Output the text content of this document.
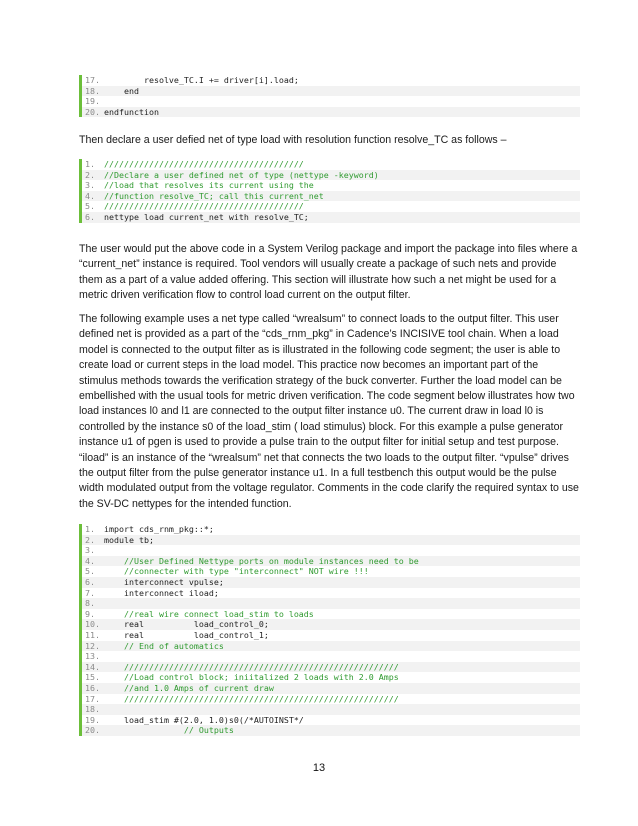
17. resolve_TC.I += driver[i].load;
18. end
19.
20. endfunction

Then declare a user defied net of type load with resolution function resolve_TC as follows –

1.	////////////////////////////////////////
2.	//Declare a user defined net of type (nettype -keyword)
3.	//load that resolves its current using the
4.	//function resolve_TC; call this current_net
5.	////////////////////////////////////////
6.	nettype load current_net with resolve_TC;

The user would put the above code in a System Verilog package and import the package into files where a “current_net” instance is required. Tool vendors will usually create a package of such nets and provide them as a part of a value added offering. This section will illustrate how such a net might be used for a metric driven verification flow to control load current on the output filter.

The following example uses a net type called “wrealsum” to connect loads to the output filter. This user defined net is provided as a part of the “cds_rnm_pkg” in Cadence’s INCISIVE tool chain. When a load model is connected to the output filter as is illustrated in the following code segment; the user is able to create load or current steps in the load model. This practice now becomes an important part of the stimulus methods towards the verification strategy of the buck converter. Further the load model can be embellished with the usual tools for metric driven verification. The code segment below illustrates how two load instances l0 and l1 are connected to the output filter instance u0. The current draw in load l0 is controlled by the instance s0 of the load_stim ( load stimulus) block. For this example a pulse generator instance u1 of pgen is used to provide a pulse train to the output filter for initial setup and test purpose. “iload” is an instance of the “wrealsum” net that connects the two loads to the output filter. “vpulse” drives the output filter from the pulse generator instance u1. In a full testbench this output would be the pulse width modulated output from the voltage regulator. Comments in the code clarify the required syntax to use the SV-DC nettypes for the intended function.

1.	import cds_rnm_pkg::*;
2.	module tb;
3.
4.	//User Defined Nettype ports on module instances need to be
5.	//connecter with type "interconnect" NOT wire !!!
6.	interconnect vpulse;
7.	interconnect iload;
8.
9.	//real wire connect load_stim to loads
10. real          load_control_0;
11. real          load_control_1;
12. // End of automatics
13.
14. ///////////////////////////////////////////////////////
15. //Load control block; iniitalized 2 loads with 2.0 Amps
16. //and 1.0 Amps of current draw
17. ///////////////////////////////////////////////////////
18.
19. load_stim #(2.0, 1.0)s0(/*AUTOINST*/
20. // Outputs
13
